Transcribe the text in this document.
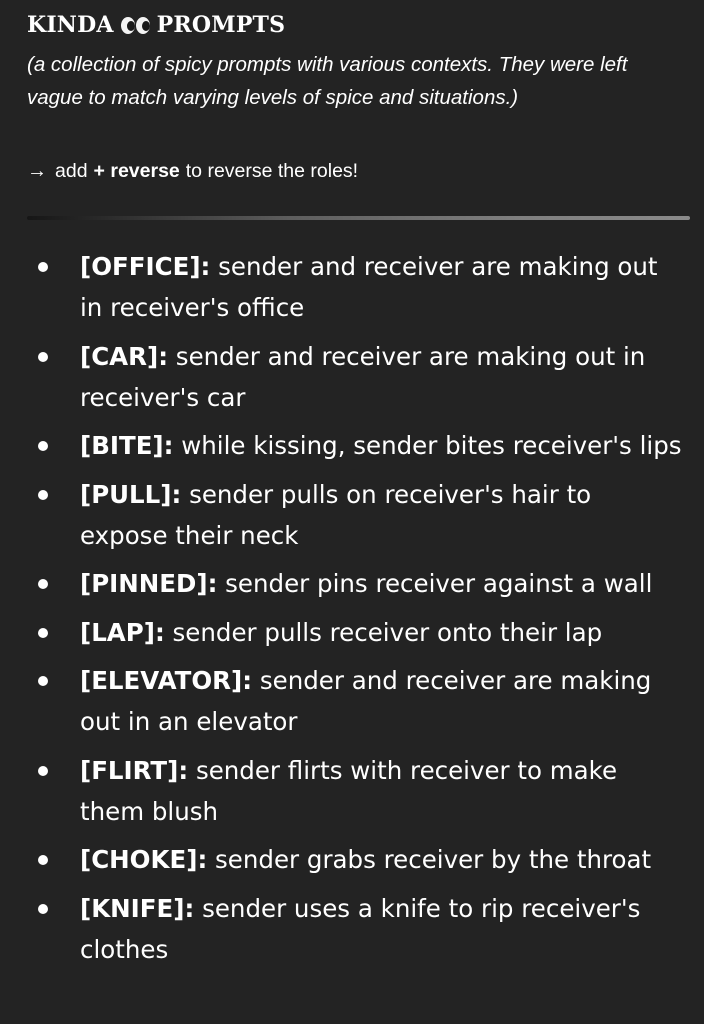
KINDA PROMPTS
(a collection of spicy prompts with various contexts. They were left vague to match varying levels of spice and situations.)
→ add + reverse to reverse the roles!
[OFFICE]: sender and receiver are making out in receiver's office
[CAR]: sender and receiver are making out in receiver's car
[BITE]: while kissing, sender bites receiver's lips
[PULL]: sender pulls on receiver's hair to expose their neck
[PINNED]: sender pins receiver against a wall
[LAP]: sender pulls receiver onto their lap
[ELEVATOR]: sender and receiver are making out in an elevator
[FLIRT]: sender flirts with receiver to make them blush
[CHOKE]: sender grabs receiver by the throat
[KNIFE]: sender uses a knife to rip receiver's clothes
